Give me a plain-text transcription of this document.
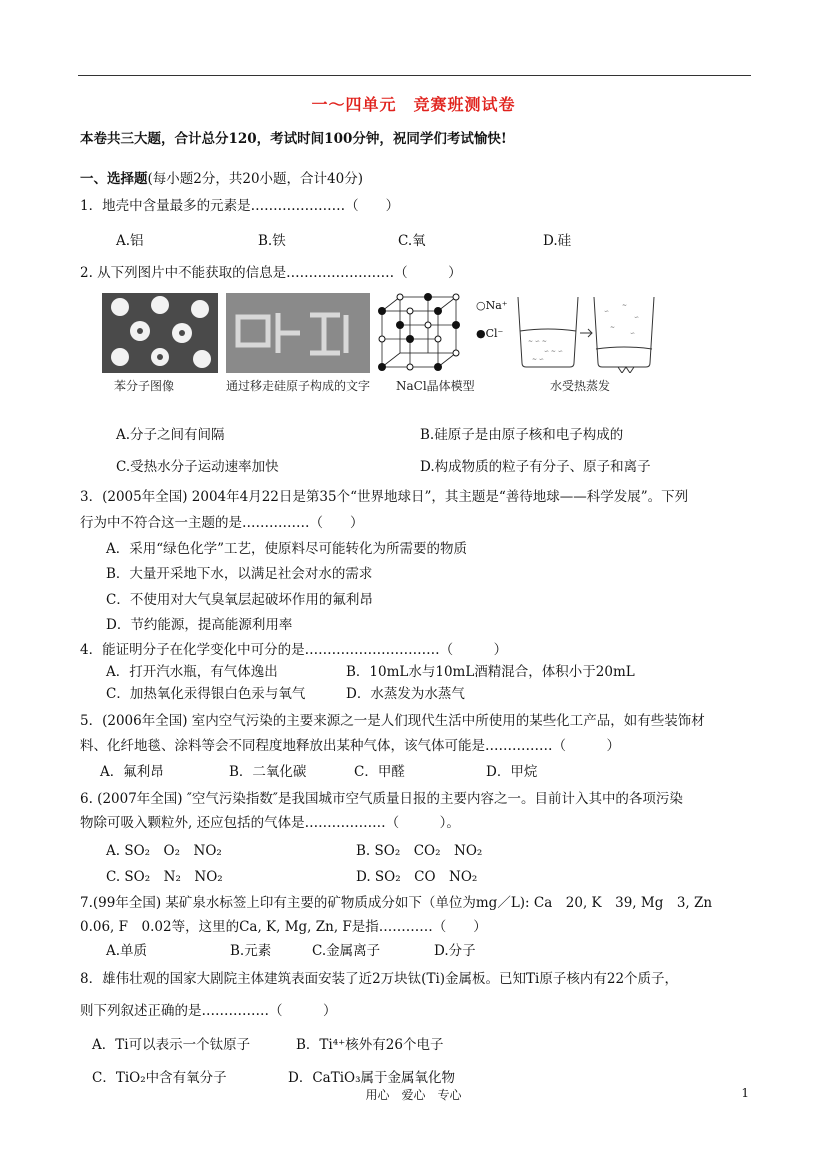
一～四单元　竞赛班测试卷
本卷共三大题，合计总分120，考试时间100分钟，祝同学们考试愉快!
一、选择题(每小题2分，共20小题，合计40分)
1．地壳中含量最多的元素是…………………（　　）
A.铝	B.铁	C.氧	D.硅
2. 从下列图片中不能获取的信息是……………………（　　　）
苯分子图像	通过移走硅原子构成的文字
○Na⁺
●Cl⁻
NaCl晶体模型
~ ∽ ~
∽ ~ ∽
~ ∽
∽
~
∽
~
∽
水受热蒸发
A.分子之间有间隔	B.硅原子是由原子核和电子构成的
C.受热水分子运动速率加快	D.构成物质的粒子有分子、原子和离子
3．(2005年全国) 2004年4月22日是第35个“世界地球日”，其主题是“善待地球——科学发展”。下列
行为中不符合这一主题的是……………（　　）
A．采用“绿色化学”工艺，使原料尽可能转化为所需要的物质
B．大量开采地下水，以满足社会对水的需求
C．不使用对大气臭氧层起破坏作用的氟利昂
D．节约能源，提高能源利用率
4．能证明分子在化学变化中可分的是…………………………（　　　）
A．打开汽水瓶，有气体逸出	B．10mL水与10mL酒精混合，体积小于20mL
C．加热氧化汞得银白色汞与氧气	D．水蒸发为水蒸气
5．(2006年全国) 室内空气污染的主要来源之一是人们现代生活中所使用的某些化工产品，如有些装饰材
料、化纤地毯、涂料等会不同程度地释放出某种气体，该气体可能是……………（　　　）
A．氟利昂	B．二氧化碳	C．甲醛	D．甲烷
6. (2007年全国) ″空气污染指数″是我国城市空气质量日报的主要内容之一。目前计入其中的各项污染
物除可吸入颗粒外, 还应包括的气体是………………（　　　）。
A. SO₂　O₂　NO₂	B. SO₂　CO₂　NO₂
C. SO₂　N₂　NO₂	D. SO₂　CO　NO₂
7.(99年全国) 某矿泉水标签上印有主要的矿物质成分如下（单位为mg／L): Ca　20, K　39, Mg　3, Zn
0.06, F　0.02等，这里的Ca, K, Mg, Zn, F是指…………（　　）
A.单质	B.元素	C.金属离子	D.分子
8．雄伟壮观的国家大剧院主体建筑表面安装了近2万块钛(Ti)金属板。已知Ti原子核内有22个质子，
则下列叙述正确的是……………（　　　）
A．Ti可以表示一个钛原子	B．Ti⁴⁺核外有26个电子
C．TiO₂中含有氧分子	D．CaTiO₃属于金属氧化物
用心　爱心　专心	1
